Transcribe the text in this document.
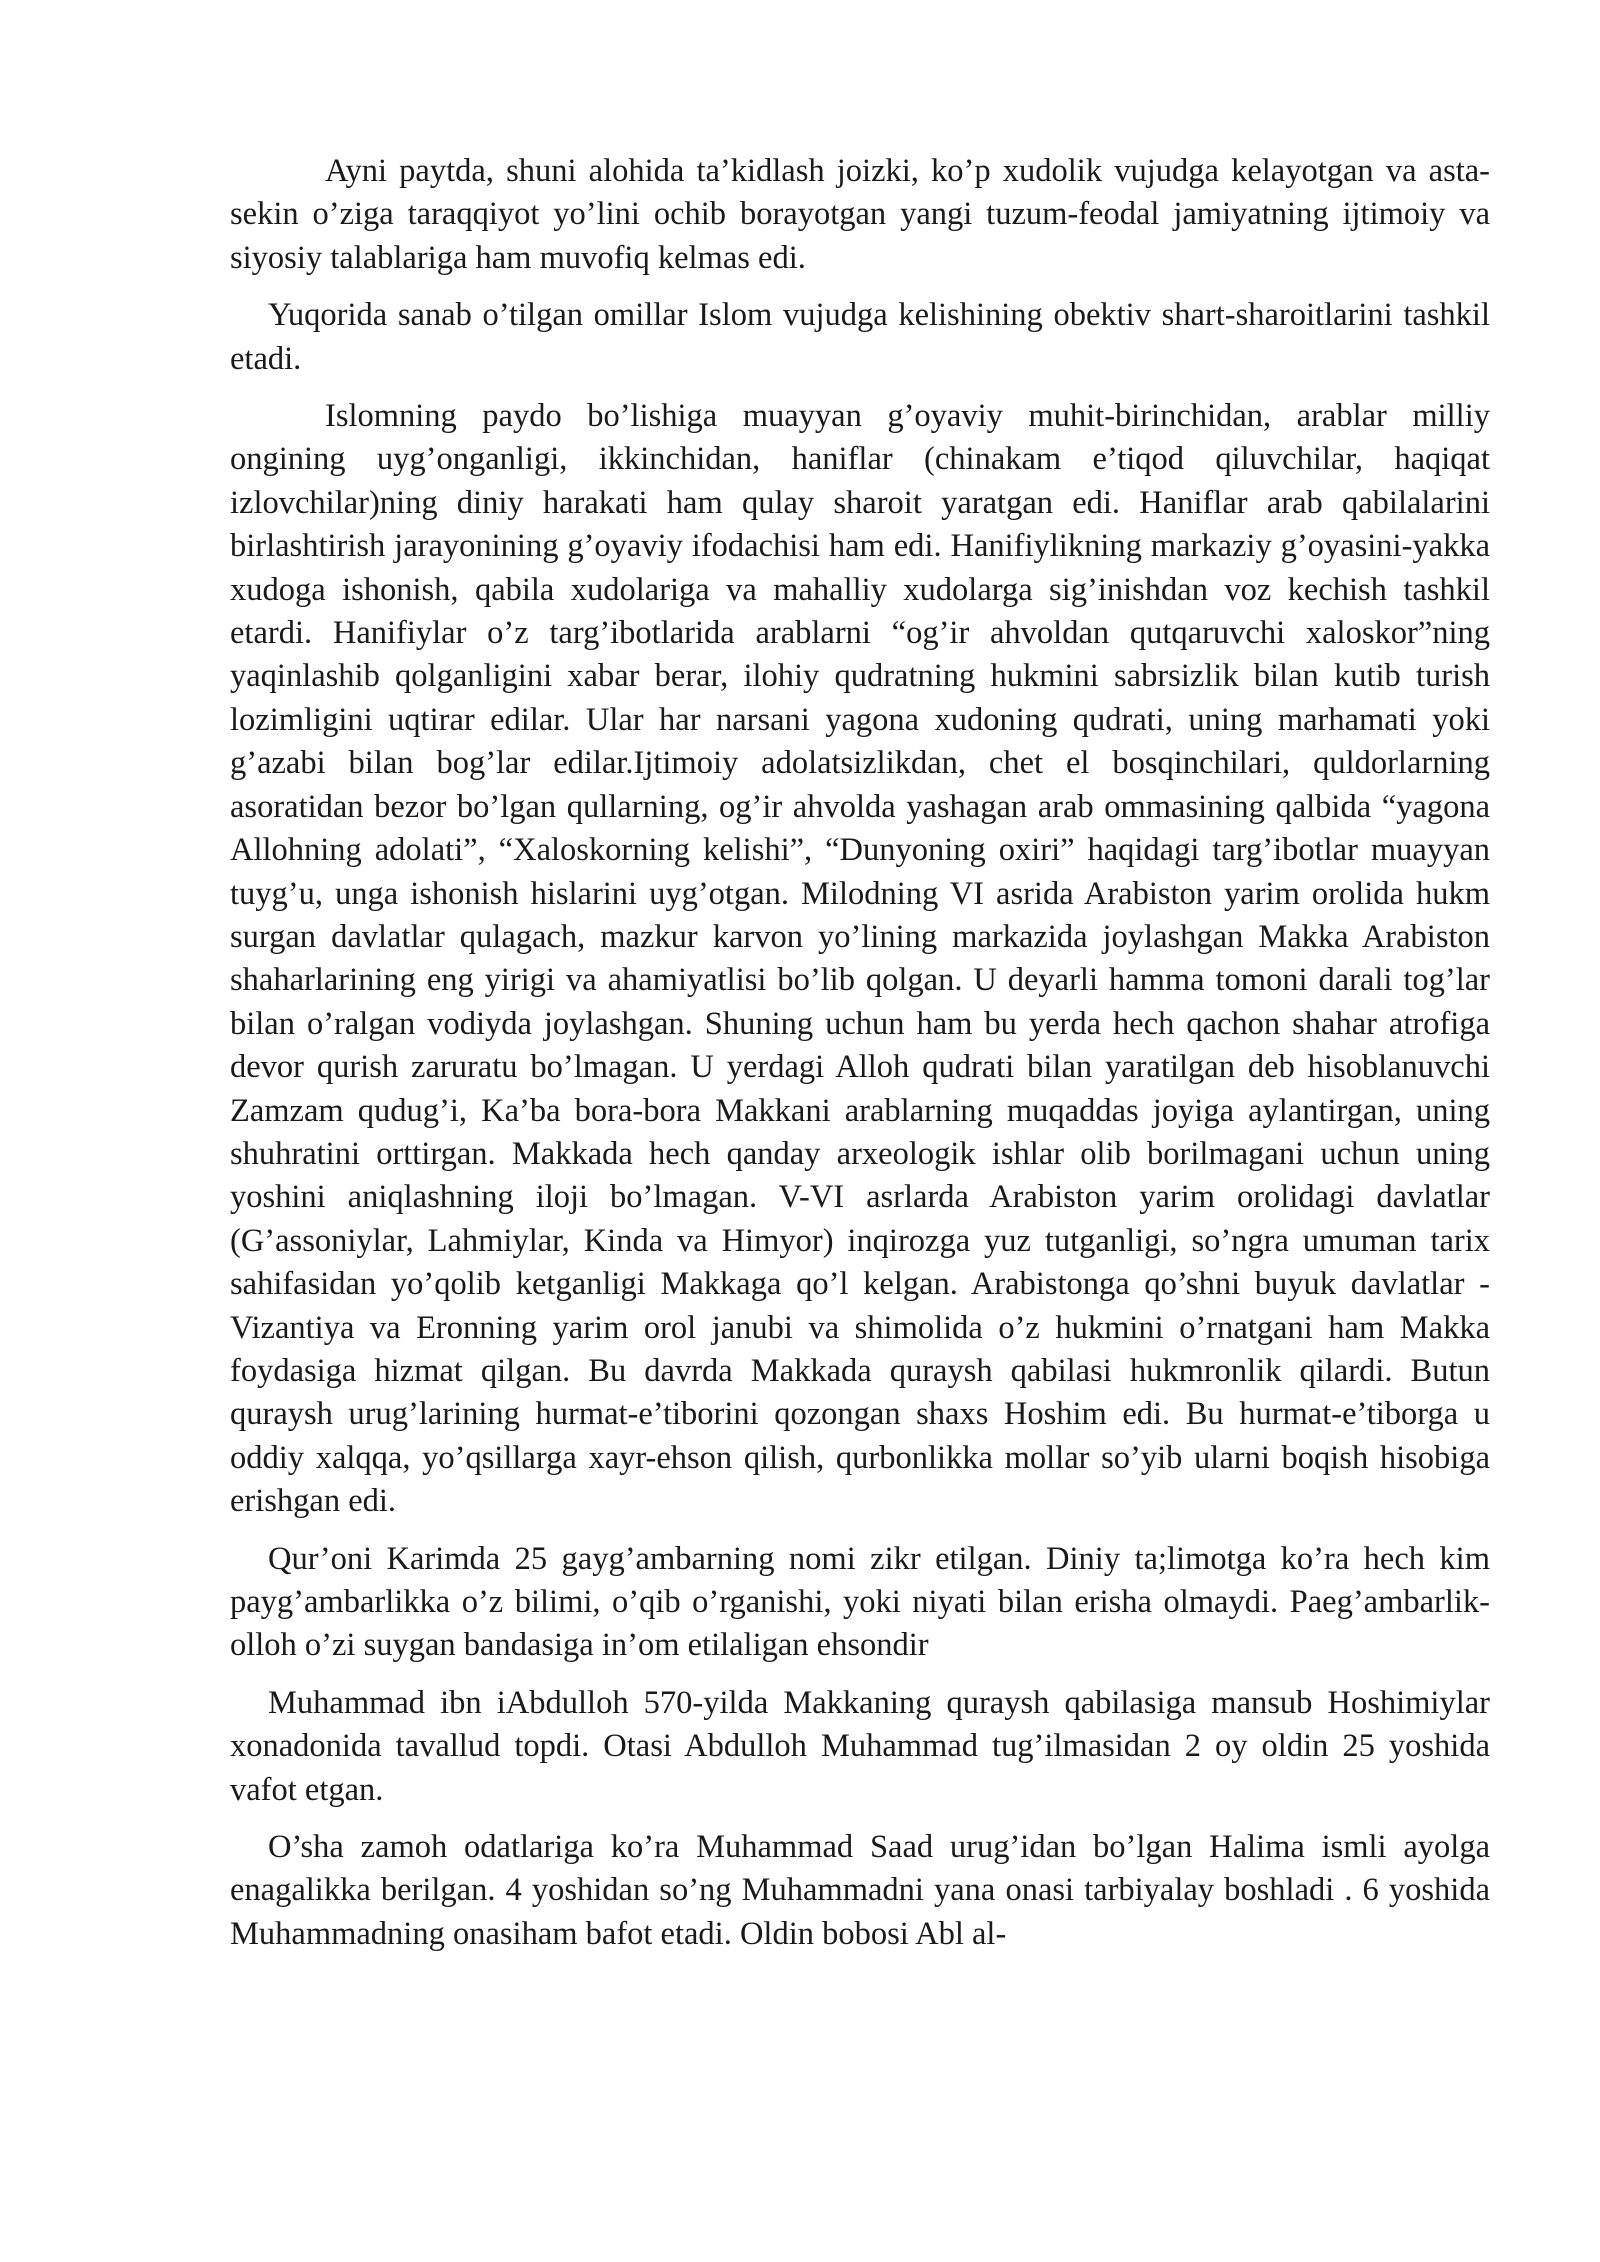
Ayni paytda, shuni alohida ta’kidlash joizki, ko’p xudolik vujudga kelayotgan va asta-sekin o’ziga taraqqiyot yo’lini ochib borayotgan yangi tuzum-feodal jamiyatning ijtimoiy va siyosiy talablariga ham muvofiq kelmas edi.

Yuqorida sanab o’tilgan omillar Islom vujudga kelishining obektiv shart-sharoitlarini tashkil etadi.

Islomning paydo bo’lishiga muayyan g’oyaviy muhit-birinchidan, arablar milliy ongining uyg’onganligi, ikkinchidan, haniflar (chinakam e’tiqod qiluvchilar, haqiqat izlovchilar)ning diniy harakati ham qulay sharoit yaratgan edi. Haniflar arab qabilalarini birlashtirish jarayonining g’oyaviy ifodachisi ham edi. Hanifiylikning markaziy g’oyasini-yakka xudoga ishonish, qabila xudolariga va mahalliy xudolarga sig’inishdan voz kechish tashkil etardi. Hanifiylar o’z targ’ibotlarida arablarni “og’ir ahvoldan qutqaruvchi xaloskor”ning yaqinlashib qolganligini xabar berar, ilohiy qudratning hukmini sabrsizlik bilan kutib turish lozimligini uqtirar edilar. Ular har narsani yagona xudoning qudrati, uning marhamati yoki g’azabi bilan bog’lar edilar.Ijtimoiy adolatsizlikdan, chet el bosqinchilari, quldorlarning asoratidan bezor bo’lgan qullarning, og’ir ahvolda yashagan arab ommasining qalbida “yagona Allohning adolati”, “Xaloskorning kelishi”, “Dunyoning oxiri” haqidagi targ’ibotlar muayyan tuyg’u, unga ishonish hislarini uyg’otgan. Milodning VI asrida Arabiston yarim orolida hukm surgan davlatlar qulagach, mazkur karvon yo’lining markazida joylashgan Makka Arabiston shaharlarining eng yirigi va ahamiyatlisi bo’lib qolgan. U deyarli hamma tomoni darali tog’lar bilan o’ralgan vodiyda joylashgan. Shuning uchun ham bu yerda hech qachon shahar atrofiga devor qurish zaruratu bo’lmagan. U yerdagi Alloh qudrati bilan yaratilgan deb hisoblanuvchi Zamzam qudug’i, Ka’ba bora-bora Makkani arablarning muqaddas joyiga aylantirgan, uning shuhratini orttirgan. Makkada hech qanday arxeologik ishlar olib borilmagani uchun uning yoshini aniqlashning iloji bo’lmagan. V-VI asrlarda Arabiston yarim orolidagi davlatlar (G’assoniylar, Lahmiylar, Kinda va Himyor) inqirozga yuz tutganligi, so’ngra umuman tarix sahifasidan yo’qolib ketganligi Makkaga qo’l kelgan. Arabistonga qo’shni buyuk davlatlar - Vizantiya va Eronning yarim orol janubi va shimolida o’z hukmini o’rnatgani ham Makka foydasiga hizmat qilgan. Bu davrda Makkada quraysh qabilasi hukmronlik qilardi. Butun quraysh urug’larining hurmat-e’tiborini qozongan shaxs Hoshim edi. Bu hurmat-e’tiborga u oddiy xalqqa, yo’qsillarga xayr-ehson qilish, qurbonlikka mollar so’yib ularni boqish hisobiga erishgan edi.

Qur’oni Karimda 25 gayg’ambarning nomi zikr etilgan. Diniy ta;limotga ko’ra hech kim payg’ambarlikka o’z bilimi, o’qib o’rganishi, yoki niyati bilan erisha olmaydi. Paeg’ambarlik- olloh o’zi suygan bandasiga in’om etilaligan ehsondir

Muhammad ibn iAbdulloh 570-yilda Makkaning quraysh qabilasiga mansub Hoshimiylar xonadonida tavallud topdi. Otasi Abdulloh Muhammad tug’ilmasidan 2 oy oldin 25 yoshida vafot etgan.

O’sha zamoh odatlariga ko’ra Muhammad Saad urug’idan bo’lgan Halima ismli ayolga enagalikka berilgan. 4 yoshidan so’ng Muhammadni yana onasi tarbiyalay boshladi . 6 yoshida Muhammadning onasiham bafot etadi. Oldin bobosi Abl al-
